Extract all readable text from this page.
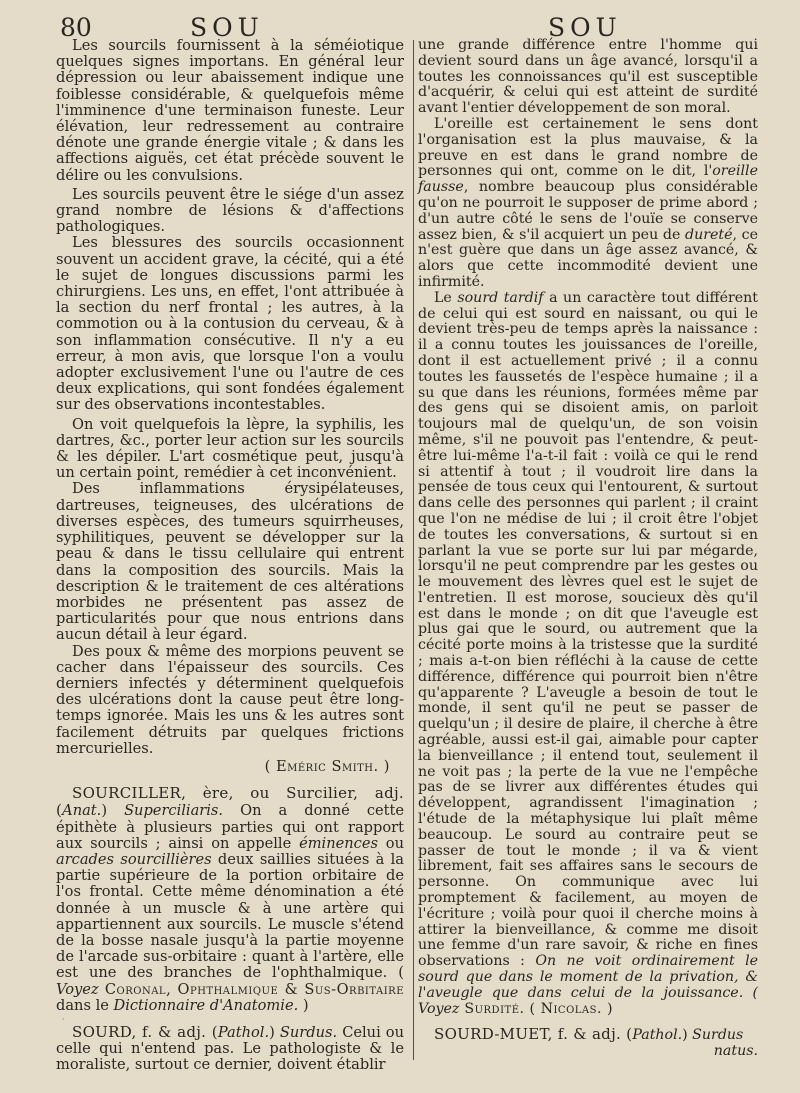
80	SOU	SOU

Les sourcils fournissent à la séméiotique quelques signes importans. En général leur dépression ou leur abaissement indique une foiblesse considérable, & quelquefois même l'imminence d'une terminaison funeste. Leur élévation, leur redressement au contraire dénote une grande énergie vitale ; & dans les affections aiguës, cet état précède souvent le délire ou les convulsions.

Les sourcils peuvent être le siége d'un assez grand nombre de lésions & d'affections pathologiques.

Les blessures des sourcils occasionnent souvent un accident grave, la cécité, qui a été le sujet de longues discussions parmi les chirurgiens. Les uns, en effet, l'ont attribuée à la section du nerf frontal ; les autres, à la commotion ou à la contusion du cerveau, & à son inflammation consécutive. Il n'y a eu erreur, à mon avis, que lorsque l'on a voulu adopter exclusivement l'une ou l'autre de ces deux explications, qui sont fondées également sur des observations incontestables.

On voit quelquefois la lèpre, la syphilis, les dartres, &c., porter leur action sur les sourcils & les dépiler. L'art cosmétique peut, jusqu'à un certain point, remédier à cet inconvénient.

Des inflammations érysipélateuses, dartreuses, teigneuses, des ulcérations de diverses espèces, des tumeurs squirrheuses, syphilitiques, peuvent se développer sur la peau & dans le tissu cellulaire qui entrent dans la composition des sourcils. Mais la description & le traitement de ces altérations morbides ne présentent pas assez de particularités pour que nous entrions dans aucun détail à leur égard.

Des poux & même des morpions peuvent se cacher dans l'épaisseur des sourcils. Ces derniers infectés y déterminent quelquefois des ulcérations dont la cause peut être long-temps ignorée. Mais les uns & les autres sont facilement détruits par quelques frictions mercurielles.

( Eméric Smith. )

SOURCILLER, ère, ou Surcilier, adj. (Anat.) Superciliaris. On a donné cette épithète à plusieurs parties qui ont rapport aux sourcils ; ainsi on appelle éminences ou arcades sourcillières deux saillies situées à la partie supérieure de la portion orbitaire de l'os frontal. Cette même dénomination a été donnée à un muscle & à une artère qui appartiennent aux sourcils. Le muscle s'étend de la bosse nasale jusqu'à la partie moyenne de l'arcade sus-orbitaire : quant à l'artère, elle est une des branches de l'ophthalmique. ( Voyez Coronal, Ophthalmique & Sus-Orbitaire dans le Dictionnaire d'Anatomie. )

SOURD, f. & adj. (Pathol.) Surdus. Celui ou celle qui n'entend pas. Le pathologiste & le moraliste, surtout ce dernier, doivent établir

une grande différence entre l'homme qui devient sourd dans un âge avancé, lorsqu'il a toutes les connoissances qu'il est susceptible d'acquérir, & celui qui est atteint de surdité avant l'entier développement de son moral.

L'oreille est certainement le sens dont l'organisation est la plus mauvaise, & la preuve en est dans le grand nombre de personnes qui ont, comme on le dit, l'oreille fausse, nombre beaucoup plus considérable qu'on ne pourroit le supposer de prime abord ; d'un autre côté le sens de l'ouïe se conserve assez bien, & s'il acquiert un peu de dureté, ce n'est guère que dans un âge assez avancé, & alors que cette incommodité devient une infirmité.

Le sourd tardif a un caractère tout différent de celui qui est sourd en naissant, ou qui le devient très-peu de temps après la naissance : il a connu toutes les jouissances de l'oreille, dont il est actuellement privé ; il a connu toutes les faussetés de l'espèce humaine ; il a su que dans les réunions, formées même par des gens qui se disoient amis, on parloit toujours mal de quelqu'un, de son voisin même, s'il ne pouvoit pas l'entendre, & peut-être lui-même l'a-t-il fait : voilà ce qui le rend si attentif à tout ; il voudroit lire dans la pensée de tous ceux qui l'entourent, & surtout dans celle des personnes qui parlent ; il craint que l'on ne médise de lui ; il croit être l'objet de toutes les conversations, & surtout si en parlant la vue se porte sur lui par mégarde, lorsqu'il ne peut comprendre par les gestes ou le mouvement des lèvres quel est le sujet de l'entretien. Il est morose, soucieux dès qu'il est dans le monde ; on dit que l'aveugle est plus gai que le sourd, ou autrement que la cécité porte moins à la tristesse que la surdité ; mais a-t-on bien réfléchi à la cause de cette différence, différence qui pourroit bien n'être qu'apparente ? L'aveugle a besoin de tout le monde, il sent qu'il ne peut se passer de quelqu'un ; il desire de plaire, il cherche à être agréable, aussi est-il gai, aimable pour capter la bienveillance ; il entend tout, seulement il ne voit pas ; la perte de la vue ne l'empêche pas de se livrer aux différentes études qui développent, agrandissent l'imagination ; l'étude de la métaphysique lui plaît même beaucoup. Le sourd au contraire peut se passer de tout le monde ; il va & vient librement, fait ses affaires sans le secours de personne. On communique avec lui promptement & facilement, au moyen de l'écriture ; voilà pour quoi il cherche moins à attirer la bienveillance, & comme me disoit une femme d'un rare savoir, & riche en fines observations : On ne voit ordinairement le sourd que dans le moment de la privation, & l'aveugle que dans celui de la jouissance. ( Voyez Surdité. ( Nicolas. )

SOURD-MUET, f. & adj. (Pathol.) Surdus

natus.
·
